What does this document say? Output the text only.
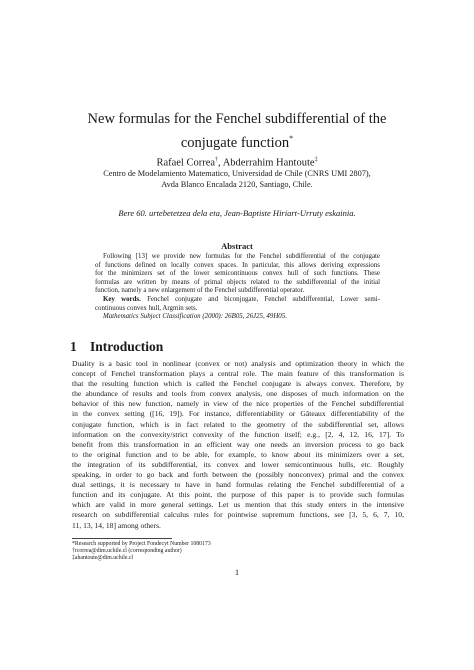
New formulas for the Fenchel subdifferential of the
conjugate function*
Rafael Correa†, Abderrahim Hantoute‡
Centro de Modelamiento Matematico, Universidad de Chile (CNRS UMI 2807),
Avda Blanco Encalada 2120, Santiago, Chile.
Bere 60. urtebetetzea dela eta, Jean-Baptiste Hiriart-Urruty eskainia.
Abstract
Following [13] we provide new formulas for the Fenchel subdifferential of the conjugate
of functions defined on locally convex spaces. In particular, this allows deriving expressions
for the minimizers set of the lower semicontinuous convex hull of such functions. These
formulas are written by means of primal objects related to the subdifferential of the initial
function, namely a new enlargement of the Fenchel subdifferential operator.
Key words. Fenchel conjugate and biconjugate, Fenchel subdifferential, Lower semi-
continuous convex hull, Argmin sets.
Mathematics Subject Classification (2000): 26B05, 26J25, 49H05.
1 Introduction
Duality is a basic tool in nonlinear (convex or not) analysis and optimization theory in which the
concept of Fenchel transformation plays a central role. The main feature of this transformation is
that the resulting function which is called the Fenchel conjugate is always convex. Therefore, by
the abundance of results and tools from convex analysis, one disposes of much information on the
behavior of this new function, namely in view of the nice properties of the Fenchel subdifferential
in the convex setting ([16, 19]). For instance, differentiability or Gâteaux differentiability of the
conjugate function, which is in fact related to the geometry of the subdifferential set, allows
information on the convexity/strict convexity of the function itself; e.g., [2, 4, 12, 16, 17]. To
benefit from this transformation in an efficient way one needs an inversion process to go back
to the original function and to be able, for example, to know about its minimizers over a set,
the integration of its subdifferential, its convex and lower semicontinuous hulls, etc. Roughly
speaking, in order to go back and forth between the (possibly nonconvex) primal and the convex
dual settings, it is necessary to have in hand formulas relating the Fenchel subdifferential of a
function and its conjugate. At this point, the purpose of this paper is to provide such formulas
which are valid in more general settings. Let us mention that this study enters in the intensive
research on subdifferential calculus rules for pointwise supremum functions, see [3, 5, 6, 7, 10,
11, 13, 14, 18] among others.
*Research supported by Project Fondecyt Number 1080173
†rcorrea@dim.uchile.cl (corresponding author)
‡ahantoute@dim.uchile.cl
1
